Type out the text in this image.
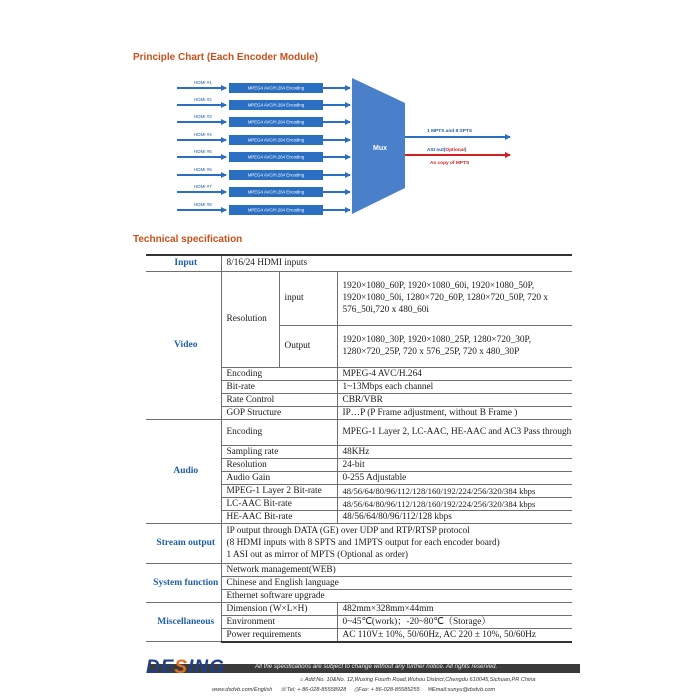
Principle Chart (Each Encoder Module)
HDMI #1
MPEG4 AVC/H.264 Encoding
HDMI #2
MPEG4 AVC/H.264 Encoding
HDMI #3
MPEG4 AVC/H.264 Encoding
HDMI #4
MPEG4 AVC/H.264 Encoding
HDMI #5
MPEG4 AVC/H.264 Encoding
HDMI #6
MPEG4 AVC/H.264 Encoding
HDMI #7
MPEG4 AVC/H.264 Encoding
HDMI #8
MPEG4 AVC/H.264 Encoding
Mux
1 MPTS and 8 SPTS
ASI out(Optional)
As copy of MPTS
Technical specification
Input	8/16/24 HDMI inputs		
Video	Resolution	input	1920×1080_60P, 1920×1080_60i, 1920×1080_50P, 1920×1080_50i, 1280×720_60P, 1280×720_50P, 720 x 576_50i,720 x 480_60i
		Output	1920×1080_30P, 1920×1080_25P, 1280×720_30P, 1280×720_25P, 720 x 576_25P, 720 x 480_30P
	Encoding		MPEG-4 AVC/H.264
	Bit-rate		1~13Mbps each channel
	Rate Control		CBR/VBR
	GOP Structure		IP…P (P Frame adjustment, without B Frame )
Audio	Encoding		MPEG-1 Layer 2, LC-AAC, HE-AAC and AC3 Pass through
	Sampling rate		48KHz
	Resolution		24-bit
	Audio Gain		0-255 Adjustable
	MPEG-1 Layer 2 Bit-rate		48/56/64/80/96/112/128/160/192/224/256/320/384 kbps
	LC-AAC Bit-rate		48/56/64/80/96/112/128/160/192/224/256/320/384 kbps
	HE-AAC Bit-rate		48/56/64/80/96/112/128 kbps
Stream output	IP output through DATA (GE) over UDP and RTP/RTSP protocol
(8 HDMI inputs with 8 SPTS and 1MPTS output for each encoder board)
1 ASI out as mirror of MPTS (Optional as order)		

System function	Network management(WEB)		
	Chinese and English language		
	Ethernet software upgrade		
Miscellaneous	Dimension (W×L×H)		482mm×328mm×44mm
	Environment		0~45℃(work)；-20~80℃（Storage）
	Power requirements		AC 110V± 10%, 50/60Hz, AC 220 ± 10%, 50/60Hz
All the specifications are subject to change without any further notice. All rights reserved.
DESING
⌂ Add:No. 10&No. 12,Wuxing Fourth Road,Wuhou District,Chengdu 610045,Sichuan,PR China
www.dsdvb.com/English ☏Tel: + 86-028-85558928 ⎙Fax: + 86-028-85585255 ✉Email:sunyu@dsdvb.com
